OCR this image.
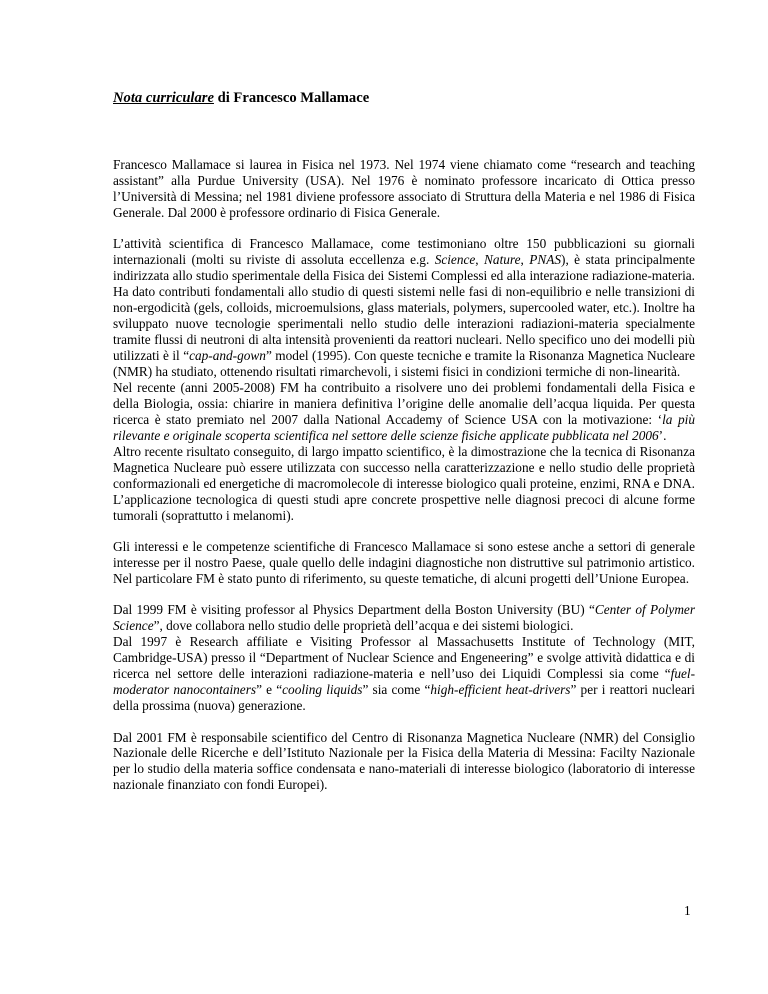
Nota curriculare di Francesco Mallamace

Francesco Mallamace si laurea in Fisica nel 1973. Nel 1974 viene chiamato come “research and teaching assistant” alla Purdue University (USA). Nel 1976 è nominato professore incaricato di Ottica presso l’Università di Messina; nel 1981 diviene professore associato di Struttura della Materia e nel 1986 di Fisica Generale. Dal 2000 è professore ordinario di Fisica Generale.

L’attività scientifica di Francesco Mallamace, come testimoniano oltre 150 pubblicazioni su giornali internazionali (molti su riviste di assoluta eccellenza e.g. Science, Nature, PNAS), è stata principalmente indirizzata allo studio sperimentale della Fisica dei Sistemi Complessi ed alla interazione radiazione-materia. Ha dato contributi fondamentali allo studio di questi sistemi nelle fasi di non-equilibrio e nelle transizioni di non-ergodicità (gels, colloids, microemulsions, glass materials, polymers, supercooled water, etc.). Inoltre ha sviluppato nuove tecnologie sperimentali nello studio delle interazioni radiazioni-materia specialmente tramite flussi di neutroni di alta intensità provenienti da reattori nucleari. Nello specifico uno dei modelli più utilizzati è il “cap-and-gown” model (1995). Con queste tecniche e tramite la Risonanza Magnetica Nucleare (NMR) ha studiato, ottenendo risultati rimarchevoli, i sistemi fisici in condizioni termiche di non-linearità.

Nel recente (anni 2005-2008) FM ha contribuito a risolvere uno dei problemi fondamentali della Fisica e della Biologia, ossia: chiarire in maniera definitiva l’origine delle anomalie dell’acqua liquida. Per questa ricerca è stato premiato nel 2007 dalla National Accademy of Science USA con la motivazione: ‘la più rilevante e originale scoperta scientifica nel settore delle scienze fisiche applicate pubblicata nel 2006’.

Altro recente risultato conseguito, di largo impatto scientifico, è la dimostrazione che la tecnica di Risonanza Magnetica Nucleare può essere utilizzata con successo nella caratterizzazione e nello studio delle proprietà conformazionali ed energetiche di macromolecole di interesse biologico quali proteine, enzimi, RNA e DNA. L’applicazione tecnologica di questi studi apre concrete prospettive nelle diagnosi precoci di alcune forme tumorali (soprattutto i melanomi).

Gli interessi e le competenze scientifiche di Francesco Mallamace si sono estese anche a settori di generale interesse per il nostro Paese, quale quello delle indagini diagnostiche non distruttive sul patrimonio artistico. Nel particolare FM è stato punto di riferimento, su queste tematiche, di alcuni progetti dell’Unione Europea.

Dal 1999 FM è visiting professor al Physics Department della Boston University (BU) “Center of Polymer Science”, dove collabora nello studio delle proprietà dell’acqua e dei sistemi biologici.

Dal 1997 è Research affiliate e Visiting Professor al Massachusetts Institute of Technology (MIT, Cambridge-USA) presso il “Department of Nuclear Science and Engeneering” e svolge attività didattica e di ricerca nel settore delle interazioni radiazione-materia e nell’uso dei Liquidi Complessi sia come “fuel-moderator nanocontainers” e “cooling liquids” sia come “high-efficient heat-drivers” per i reattori nucleari della prossima (nuova) generazione.

Dal 2001 FM è responsabile scientifico del Centro di Risonanza Magnetica Nucleare (NMR) del Consiglio Nazionale delle Ricerche e dell’Istituto Nazionale per la Fisica della Materia di Messina: Facilty Nazionale per lo studio della materia soffice condensata e nano-materiali di interesse biologico (laboratorio di interesse nazionale finanziato con fondi Europei).

1
